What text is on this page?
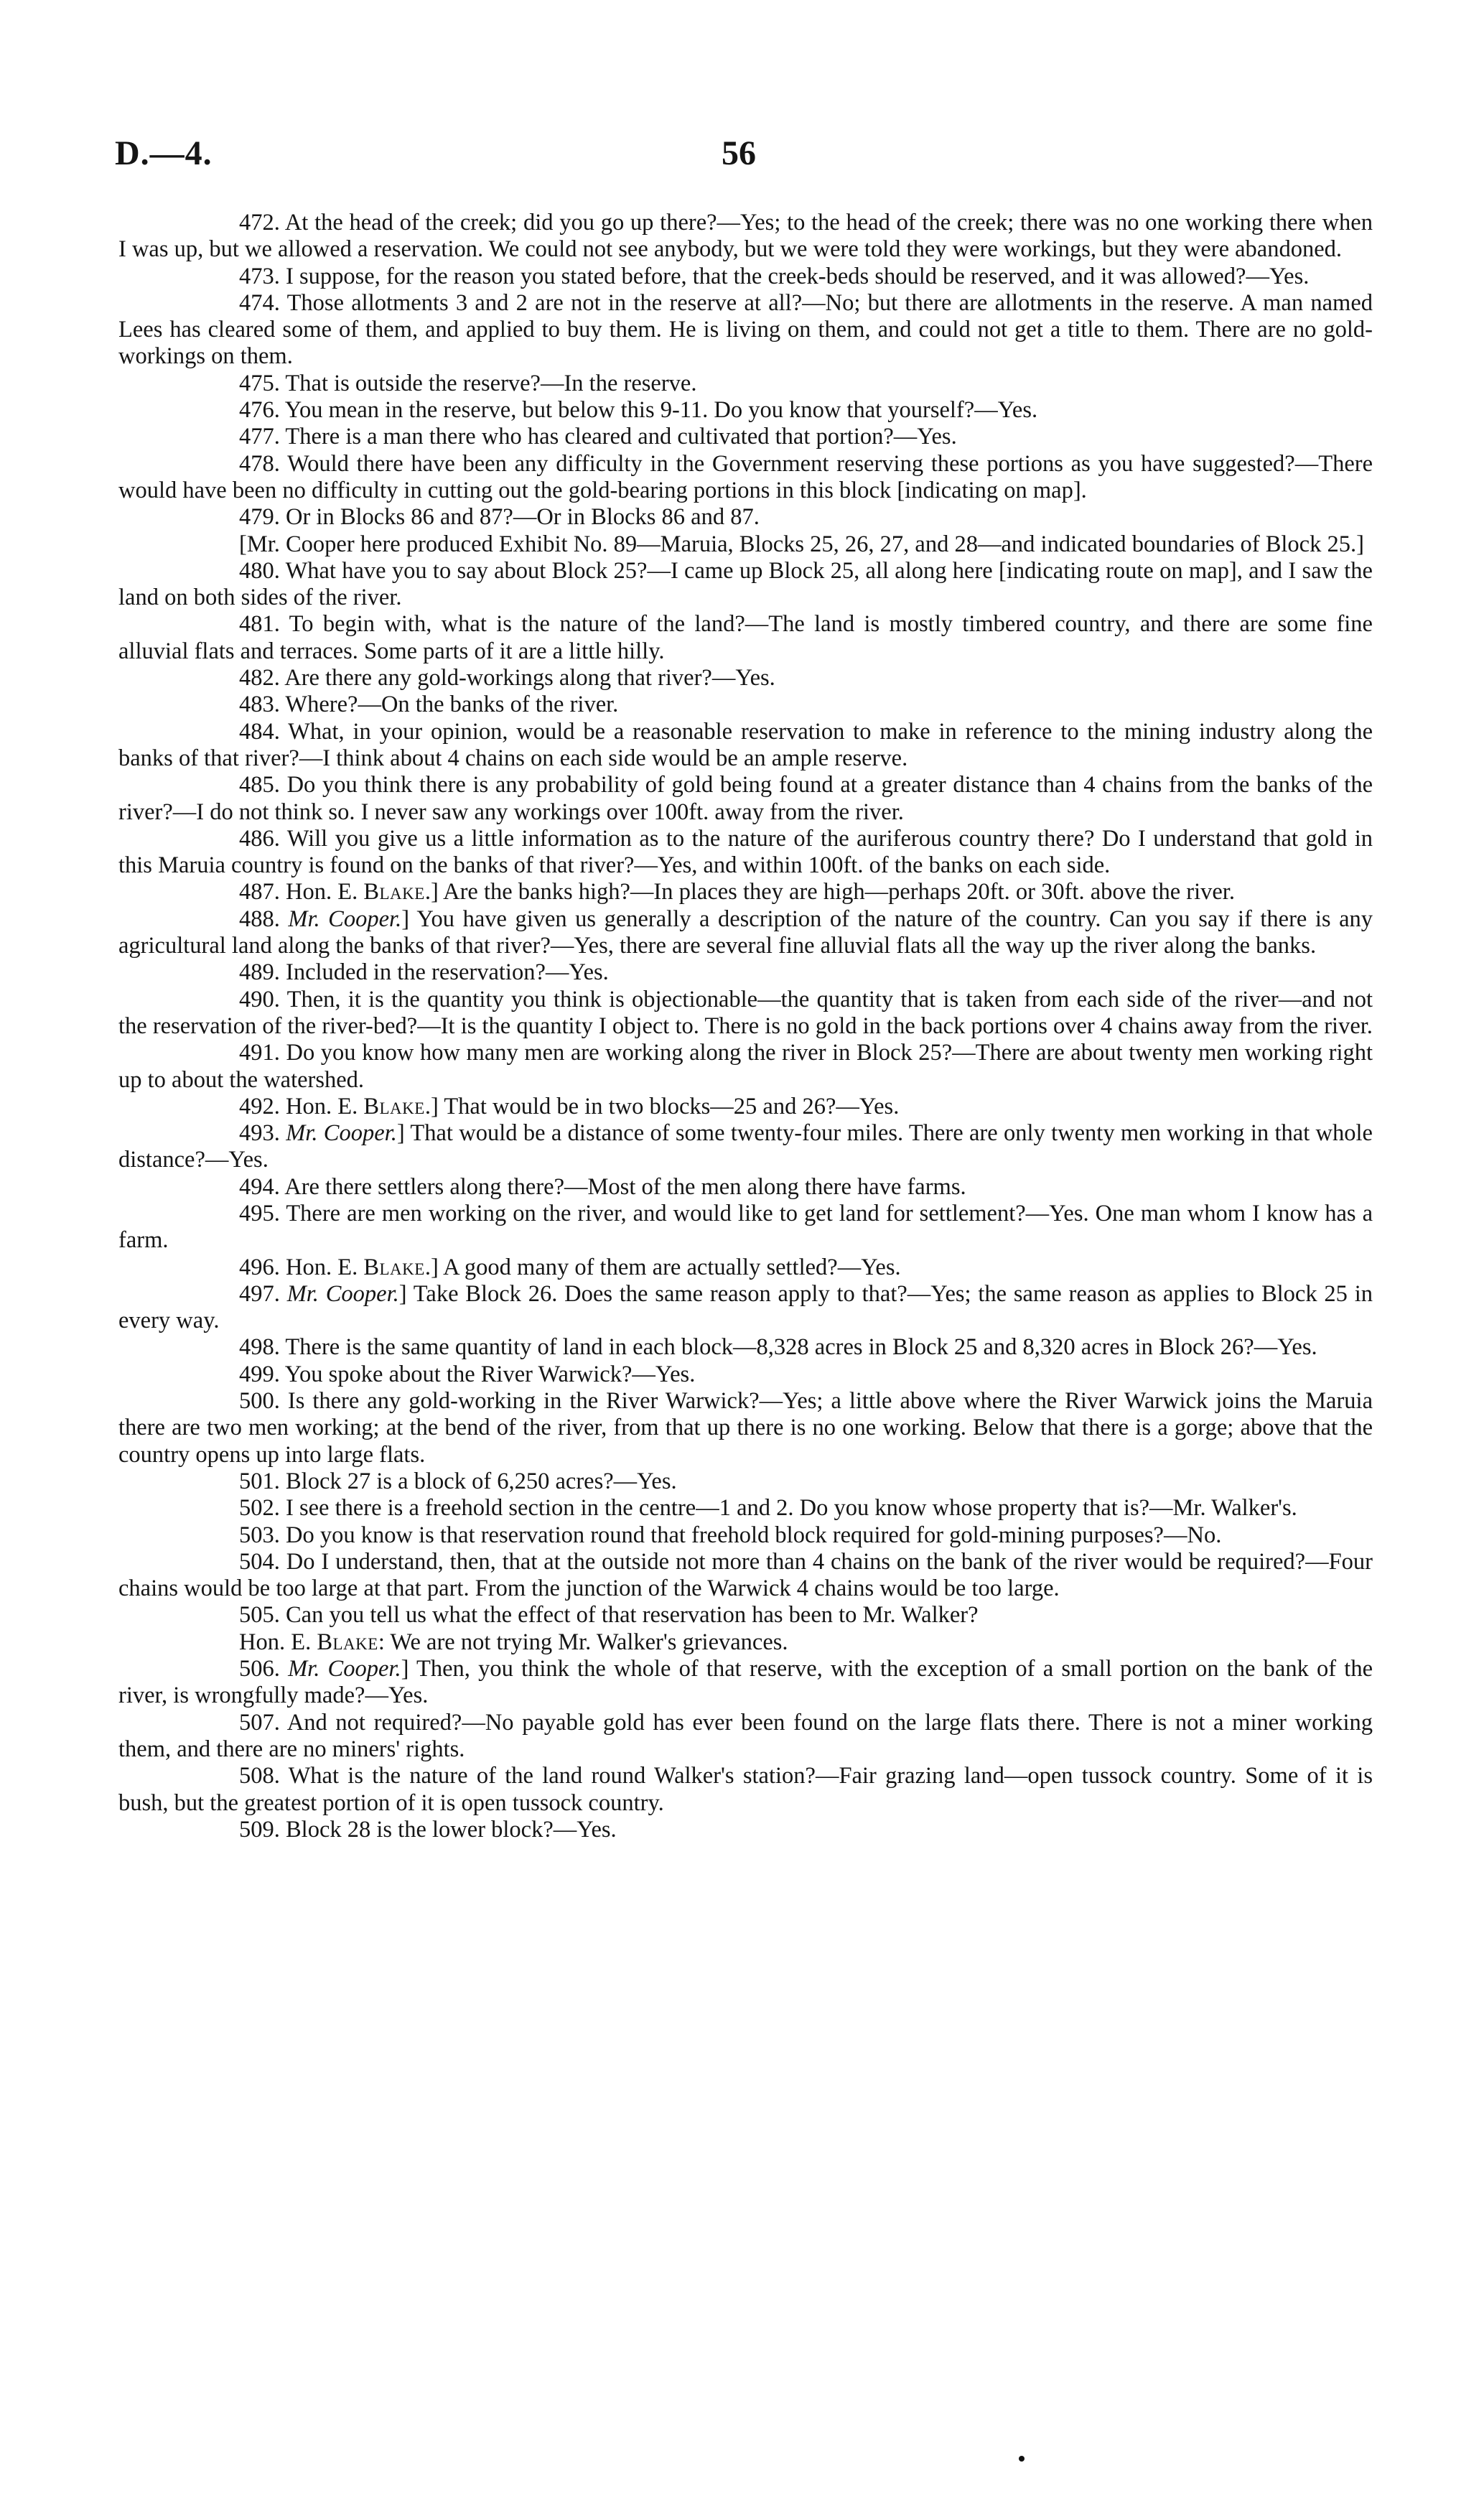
D.—4.	56

472. At the head of the creek; did you go up there?—Yes; to the head of the creek; there was no one working there when I was up, but we allowed a reservation. We could not see anybody, but we were told they were workings, but they were abandoned.

473. I suppose, for the reason you stated before, that the creek-beds should be reserved, and it was allowed?—Yes.

474. Those allotments 3 and 2 are not in the reserve at all?—No; but there are allotments in the reserve. A man named Lees has cleared some of them, and applied to buy them. He is living on them, and could not get a title to them. There are no gold-workings on them.

475. That is outside the reserve?—In the reserve.

476. You mean in the reserve, but below this 9-11. Do you know that yourself?—Yes.

477. There is a man there who has cleared and cultivated that portion?—Yes.

478. Would there have been any difficulty in the Government reserving these portions as you have suggested?—There would have been no difficulty in cutting out the gold-bearing portions in this block [indicating on map].

479. Or in Blocks 86 and 87?—Or in Blocks 86 and 87.

[Mr. Cooper here produced Exhibit No. 89—Maruia, Blocks 25, 26, 27, and 28—and indicated boundaries of Block 25.]

480. What have you to say about Block 25?—I came up Block 25, all along here [indicating route on map], and I saw the land on both sides of the river.

481. To begin with, what is the nature of the land?—The land is mostly timbered country, and there are some fine alluvial flats and terraces. Some parts of it are a little hilly.

482. Are there any gold-workings along that river?—Yes.

483. Where?—On the banks of the river.

484. What, in your opinion, would be a reasonable reservation to make in reference to the mining industry along the banks of that river?—I think about 4 chains on each side would be an ample reserve.

485. Do you think there is any probability of gold being found at a greater distance than 4 chains from the banks of the river?—I do not think so. I never saw any workings over 100ft. away from the river.

486. Will you give us a little information as to the nature of the auriferous country there? Do I understand that gold in this Maruia country is found on the banks of that river?—Yes, and within 100ft. of the banks on each side.

487. Hon. E. Blake.] Are the banks high?—In places they are high—perhaps 20ft. or 30ft. above the river.

488. Mr. Cooper.] You have given us generally a description of the nature of the country. Can you say if there is any agricultural land along the banks of that river?—Yes, there are several fine alluvial flats all the way up the river along the banks.

489. Included in the reservation?—Yes.

490. Then, it is the quantity you think is objectionable—the quantity that is taken from each side of the river—and not the reservation of the river-bed?—It is the quantity I object to. There is no gold in the back portions over 4 chains away from the river.

491. Do you know how many men are working along the river in Block 25?—There are about twenty men working right up to about the watershed.

492. Hon. E. Blake.] That would be in two blocks—25 and 26?—Yes.

493. Mr. Cooper.] That would be a distance of some twenty-four miles. There are only twenty men working in that whole distance?—Yes.

494. Are there settlers along there?—Most of the men along there have farms.

495. There are men working on the river, and would like to get land for settlement?—Yes. One man whom I know has a farm.

496. Hon. E. Blake.] A good many of them are actually settled?—Yes.

497. Mr. Cooper.] Take Block 26. Does the same reason apply to that?—Yes; the same reason as applies to Block 25 in every way.

498. There is the same quantity of land in each block—8,328 acres in Block 25 and 8,320 acres in Block 26?—Yes.

499. You spoke about the River Warwick?—Yes.

500. Is there any gold-working in the River Warwick?—Yes; a little above where the River Warwick joins the Maruia there are two men working; at the bend of the river, from that up there is no one working. Below that there is a gorge; above that the country opens up into large flats.

501. Block 27 is a block of 6,250 acres?—Yes.

502. I see there is a freehold section in the centre—1 and 2. Do you know whose property that is?—Mr. Walker's.

503. Do you know is that reservation round that freehold block required for gold-mining purposes?—No.

504. Do I understand, then, that at the outside not more than 4 chains on the bank of the river would be required?—Four chains would be too large at that part. From the junction of the Warwick 4 chains would be too large.

505. Can you tell us what the effect of that reservation has been to Mr. Walker?

Hon. E. Blake: We are not trying Mr. Walker's grievances.

506. Mr. Cooper.] Then, you think the whole of that reserve, with the exception of a small portion on the bank of the river, is wrongfully made?—Yes.

507. And not required?—No payable gold has ever been found on the large flats there. There is not a miner working them, and there are no miners' rights.

508. What is the nature of the land round Walker's station?—Fair grazing land—open tussock country. Some of it is bush, but the greatest portion of it is open tussock country.

509. Block 28 is the lower block?—Yes.
